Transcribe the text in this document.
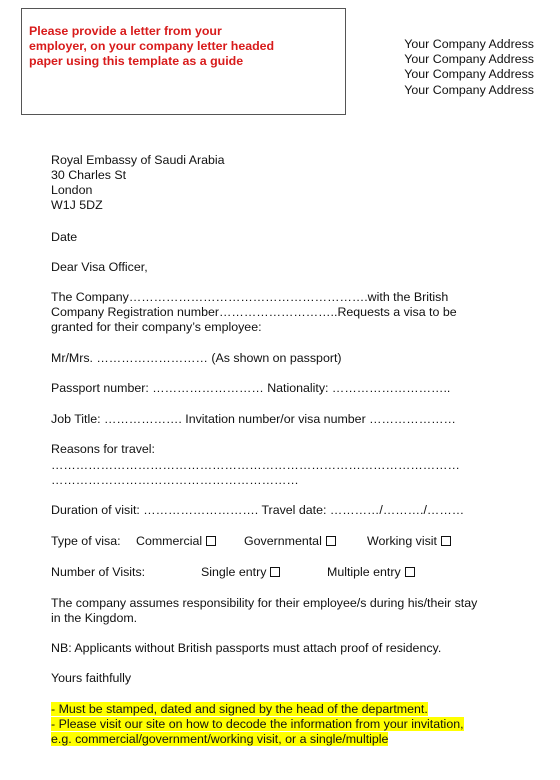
Please provide a letter from your
employer, on your company letter headed
paper using this template as a guide
Your Company Address
Your Company Address
Your Company Address
Your Company Address
Royal Embassy of Saudi Arabia
30 Charles St
London
W1J 5DZ
Date
Dear Visa Officer,
The Company………………………………………………….with the British
Company Registration number………………………..Requests a visa to be
granted for their company’s employee:
Mr/Mrs. ……………………… (As shown on passport)
Passport number: ……………………… Nationality: ………………………..
Job Title: ………………. Invitation number/or visa number …………………
Reasons for travel:
………………………………………………………………………………………
……………………………………………………
Duration of visit: ………………………. Travel date: …………/………./………
Type of visa: Commercial	Governmental	Working visit
Number of Visits:	Single entry	Multiple entry
The company assumes responsibility for their employee/s during his/their stay
in the Kingdom.
NB: Applicants without British passports must attach proof of residency.
Yours faithfully
- Must be stamped, dated and signed by the head of the department.
- Please visit our site on how to decode the information from your invitation,
e.g. commercial/government/working visit, or a single/multiple
